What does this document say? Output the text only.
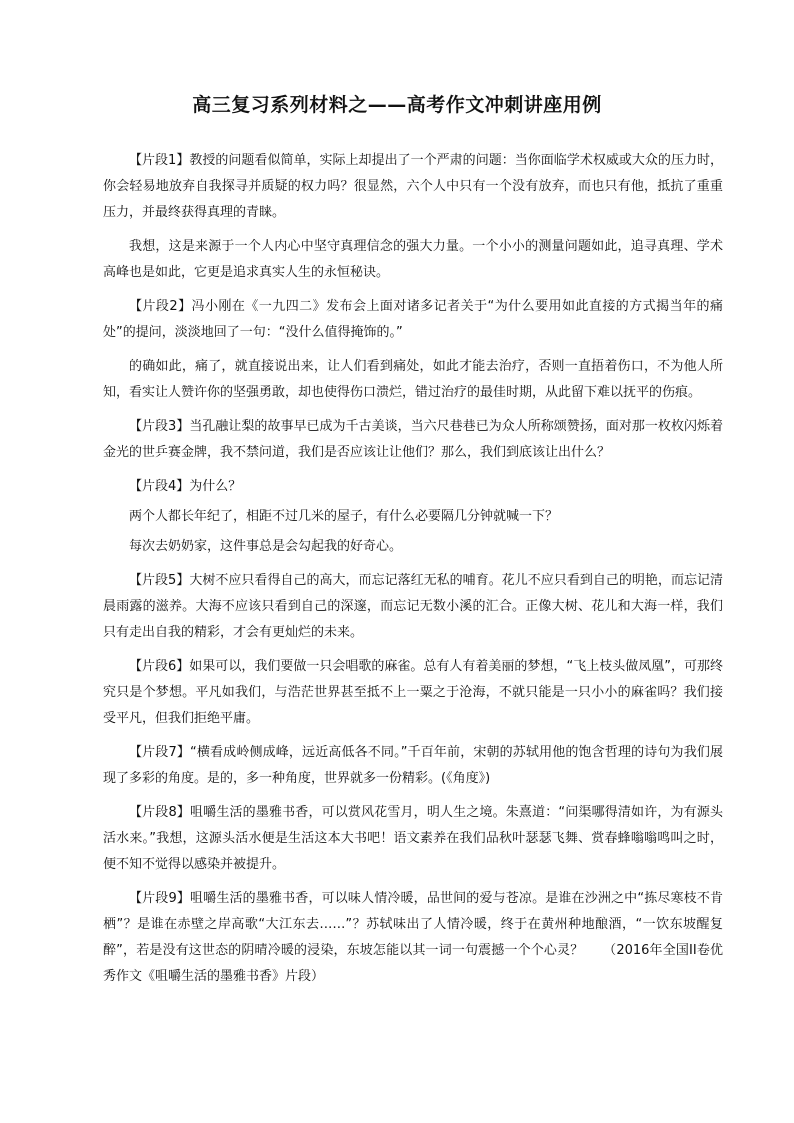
高三复习系列材料之——高考作文冲刺讲座用例

【片段1】教授的问题看似简单，实际上却提出了一个严肃的问题：当你面临学术权威或大众的压力时，你会轻易地放弃自我探寻并质疑的权力吗？很显然，六个人中只有一个没有放弃，而也只有他，抵抗了重重压力，并最终获得真理的青睐。

我想，这是来源于一个人内心中坚守真理信念的强大力量。一个小小的测量问题如此，追寻真理、学术高峰也是如此，它更是追求真实人生的永恒秘诀。

【片段2】冯小刚在《一九四二》发布会上面对诸多记者关于“为什么要用如此直接的方式揭当年的痛处”的提问，淡淡地回了一句：“没什么值得掩饰的。”

的确如此，痛了，就直接说出来，让人们看到痛处，如此才能去治疗，否则一直捂着伤口，不为他人所知，看实让人赞许你的坚强勇敢，却也使得伤口溃烂，错过治疗的最佳时期，从此留下难以抚平的伤痕。

【片段3】当孔融让梨的故事早已成为千古美谈，当六尺巷巷已为众人所称颂赞扬，面对那一枚枚闪烁着金光的世乒赛金牌，我不禁问道，我们是否应该让让他们？那么，我们到底该让出什么？

【片段4】为什么？

两个人都长年纪了，相距不过几米的屋子，有什么必要隔几分钟就喊一下？

每次去奶奶家，这件事总是会勾起我的好奇心。

【片段5】大树不应只看得自己的高大，而忘记落红无私的哺育。花儿不应只看到自己的明艳，而忘记清晨雨露的滋养。大海不应该只看到自己的深邃，而忘记无数小溪的汇合。正像大树、花儿和大海一样，我们只有走出自我的精彩，才会有更灿烂的未来。

【片段6】如果可以，我们要做一只会唱歌的麻雀。总有人有着美丽的梦想，“飞上枝头做凤凰”，可那终究只是个梦想。平凡如我们，与浩茫世界甚至抵不上一粟之于沧海，不就只能是一只小小的麻雀吗？我们接受平凡，但我们拒绝平庸。

【片段7】“横看成岭侧成峰，远近高低各不同。”千百年前，宋朝的苏轼用他的饱含哲理的诗句为我们展现了多彩的角度。是的，多一种角度，世界就多一份精彩。(《角度》)

【片段8】咀嚼生活的墨雅书香，可以赏风花雪月，明人生之境。朱熹道：“问渠哪得清如许，为有源头活水来。”我想，这源头活水便是生活这本大书吧！语文素养在我们品秋叶瑟瑟飞舞、赏春蜂嗡嗡鸣叫之时，便不知不觉得以感染并被提升。

【片段9】咀嚼生活的墨雅书香，可以味人情冷暖，品世间的爱与苍凉。是谁在沙洲之中“拣尽寒枝不肯栖”？是谁在赤壁之岸高歌“大江东去……”？苏轼味出了人情冷暖，终于在黄州种地酿酒，“一饮东坡醒复醉”，若是没有这世态的阴晴冷暖的浸染，东坡怎能以其一词一句震撼一个个心灵？　　（2016年全国II卷优秀作文《咀嚼生活的墨雅书香》片段）
